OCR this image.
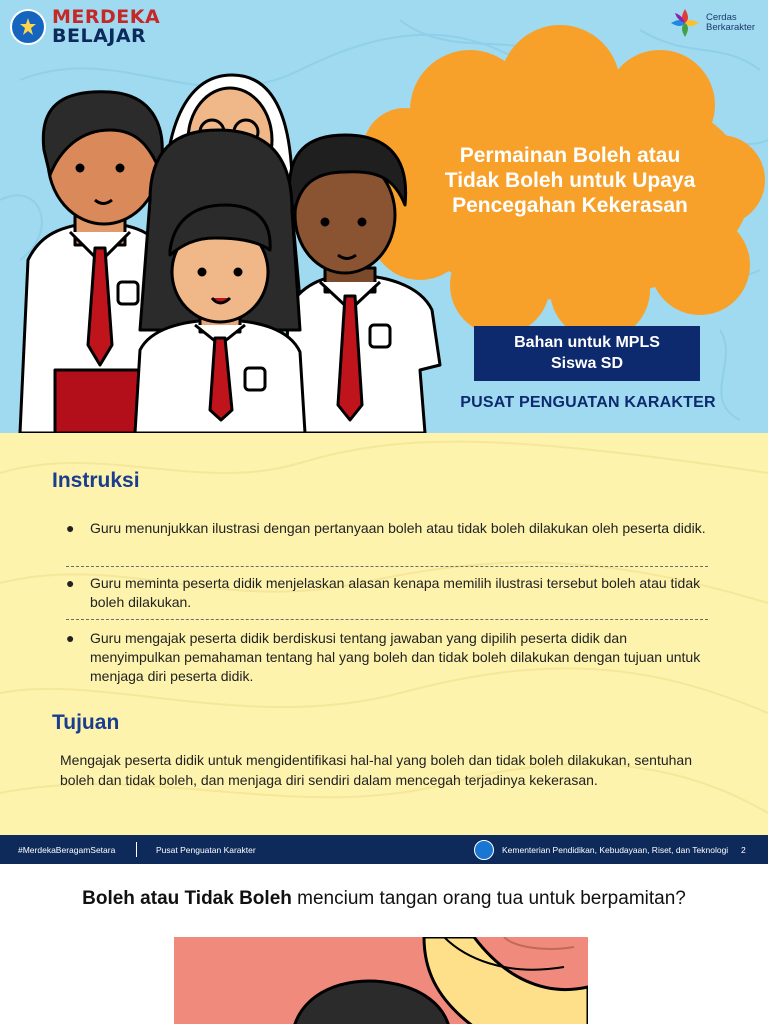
MERDEKA
BELAJAR
Cerdas
Berkarakter
Permainan Boleh atau
Tidak Boleh untuk Upaya
Pencegahan Kekerasan
Bahan untuk MPLS
Siswa SD
PUSAT PENGUATAN KARAKTER
Instruksi
● Guru menunjukkan ilustrasi dengan pertanyaan boleh atau tidak boleh dilakukan oleh peserta didik.
● Guru meminta peserta didik menjelaskan alasan kenapa memilih ilustrasi tersebut boleh atau tidak boleh dilakukan.
● Guru mengajak peserta didik berdiskusi tentang jawaban yang dipilih peserta didik dan menyimpulkan pemahaman tentang hal yang boleh dan tidak boleh dilakukan dengan tujuan untuk menjaga diri peserta didik.
Tujuan
Mengajak peserta didik untuk mengidentifikasi hal-hal yang boleh dan tidak boleh dilakukan, sentuhan boleh dan tidak boleh, dan menjaga diri sendiri dalam mencegah terjadinya kekerasan.
#MerdekaBeragamSetara	Pusat Penguatan Karakter	Kementerian Pendidikan, Kebudayaan, Riset, dan Teknologi 2
Boleh atau Tidak Boleh mencium tangan orang tua untuk berpamitan?
